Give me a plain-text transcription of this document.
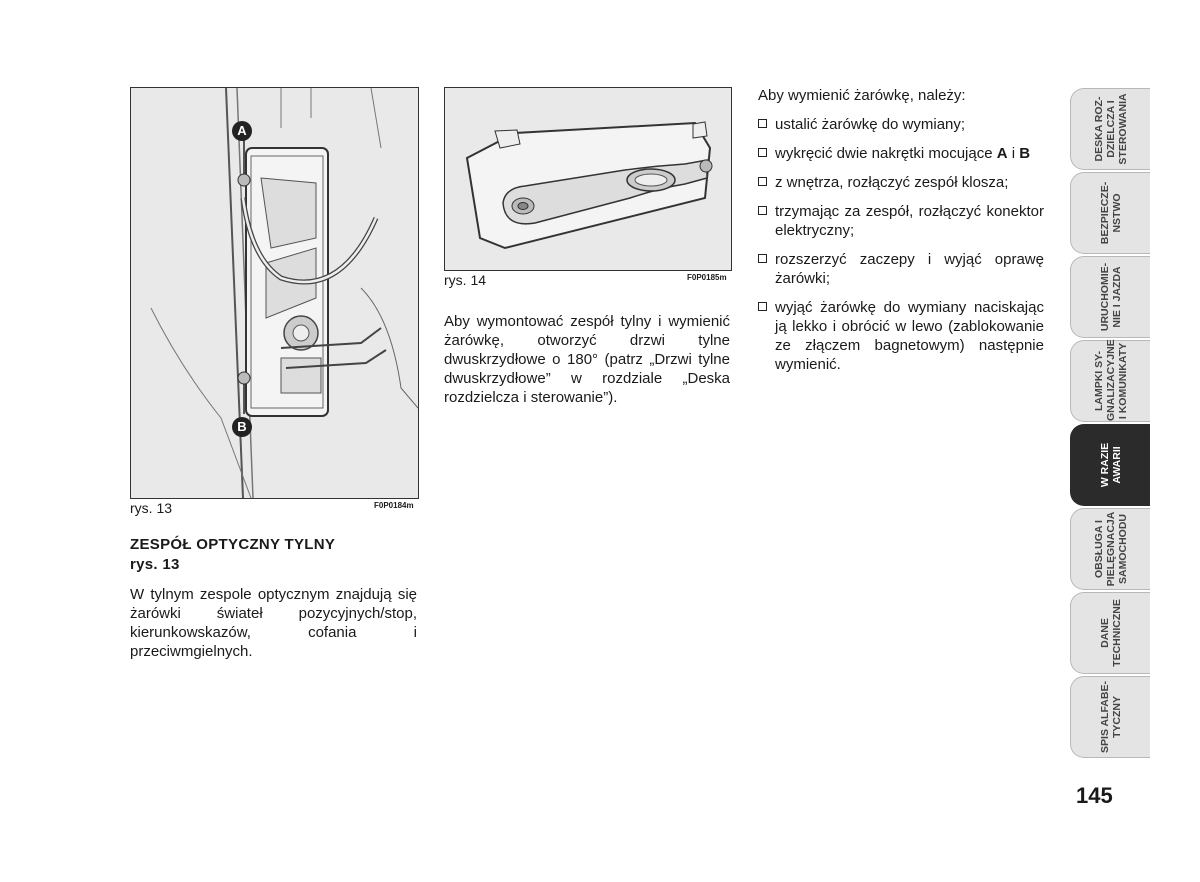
A
B
rys. 13	F0P0184m
rys. 14	F0P0185m
ZESPÓŁ OPTYCZNY TYLNY
rys. 13
W tylnym zespole optycznym znajdują się żarówki świateł pozycyjnych/stop, kierunkowskazów, cofania i przeciwmgielnych.
Aby wymontować zespół tylny i wymienić żarówkę, otworzyć drzwi tylne dwuskrzydłowe o 180° (patrz „Drzwi tylne dwuskrzydłowe” w rozdziale „Deska rozdzielcza i sterowanie”).
Aby wymienić żarówkę, należy:
ustalić żarówkę do wymiany;
wykręcić dwie nakrętki mocujące A i B
z wnętrza, rozłączyć zespół klosza;
trzymając za zespół, rozłączyć konektor elektryczny;
rozszerzyć zaczepy i wyjąć oprawę żarówki;
wyjąć żarówkę do wymiany naciskając ją lekko i obrócić w lewo (zablokowanie ze złączem bagnetowym) następnie wymienić.
DESKA ROZ-
DZIELCZA I
STEROWANIA
BEZPIECZE-
NSTWO
URUCHOMIE-
NIE I JAZDA
LAMPKI SY-
GNALIZACYJNE
I KOMUNIKATY
W RAZIE
AWARII
OBSŁUGA I
PIELĘGNACJA
SAMOCHODU
DANE
TECHNICZNE
SPIS ALFABE-
TYCZNY
145
